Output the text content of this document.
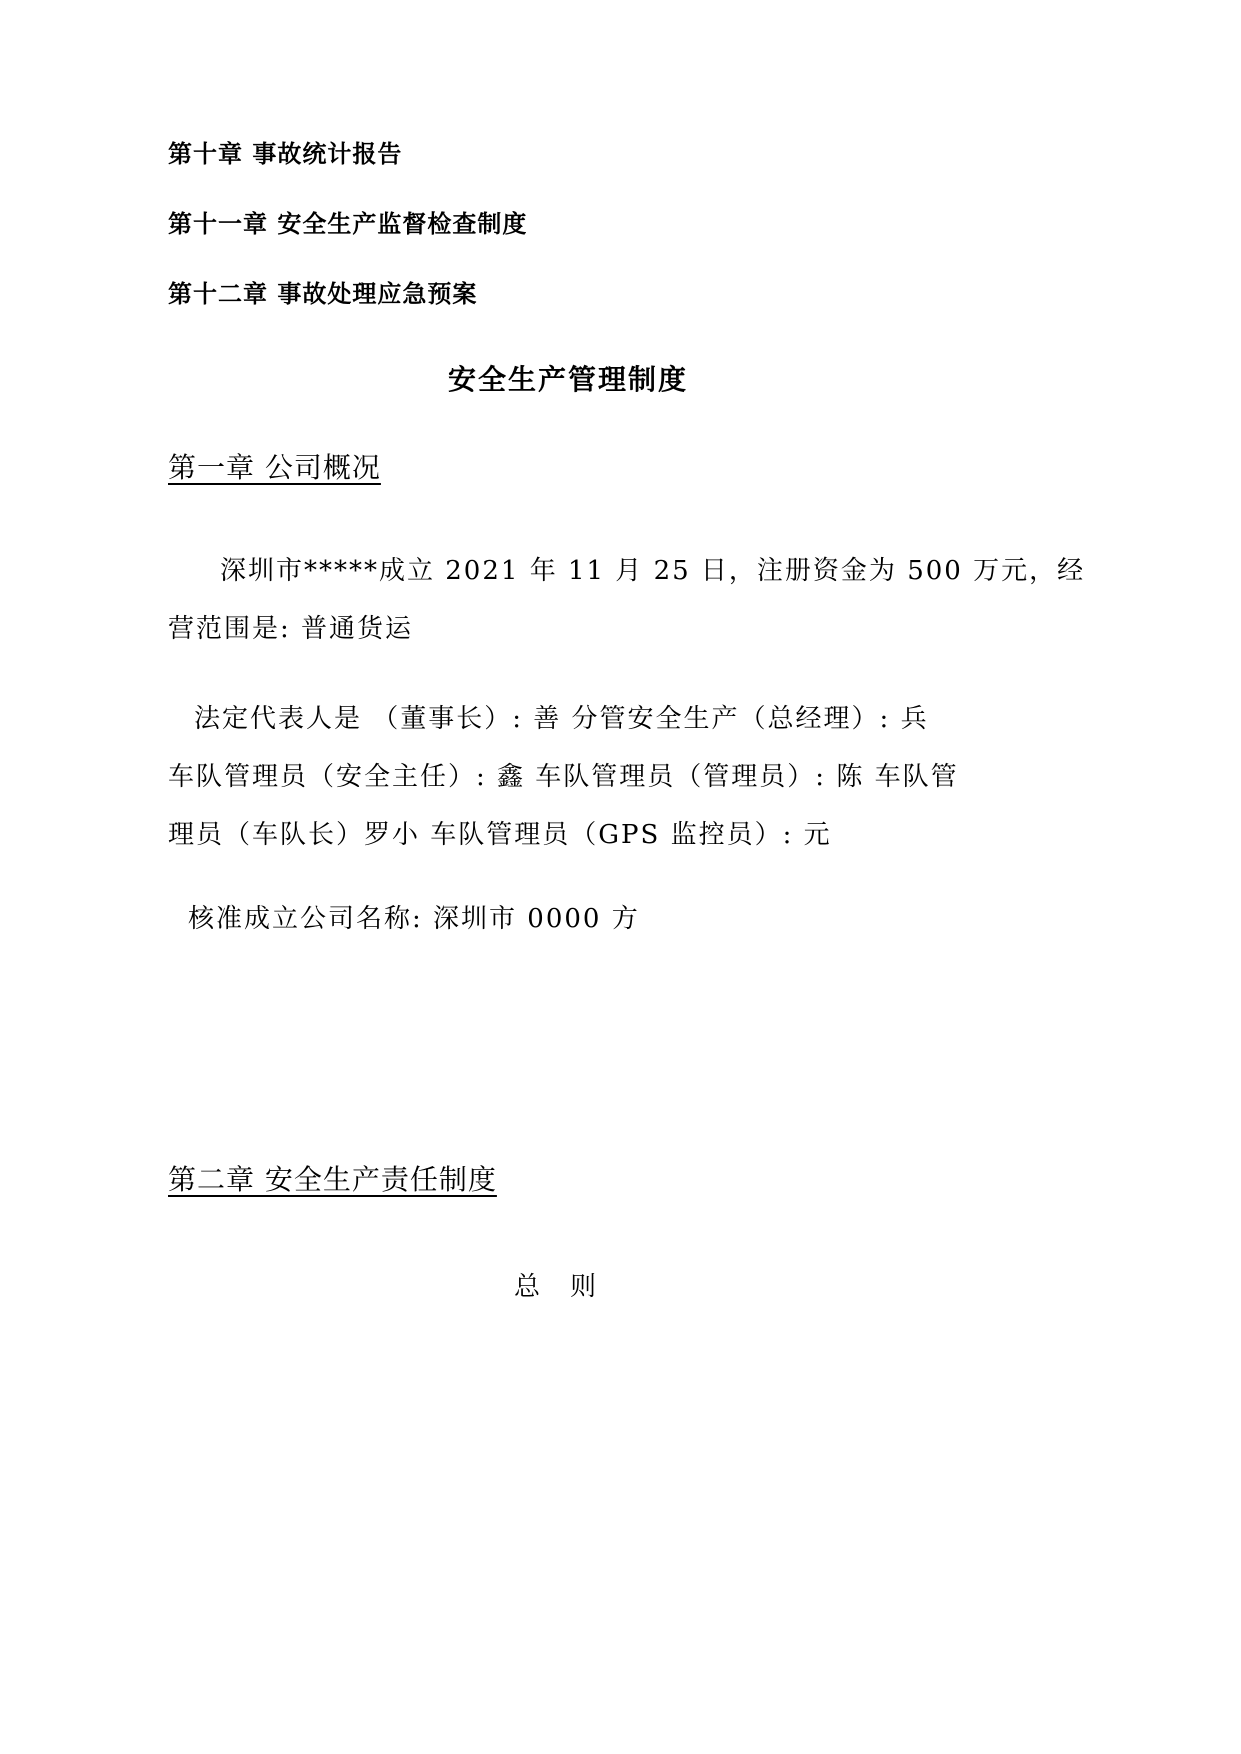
第十章 事故统计报告

第十一章 安全生产监督检查制度

第十二章 事故处理应急预案

安全生产管理制度

第一章 公司概况

深圳市*****成立 2021 年 11 月 25 日，注册资金为 500 万元，经

营范围是: 普通货运

法定代表人是 （董事长）: 善 分管安全生产（总经理）: 兵

车队管理员（安全主任）: 鑫 车队管理员（管理员）: 陈 车队管

理员（车队长）罗小 车队管理员（GPS 监控员）: 元

核准成立公司名称: 深圳市 0000 方

第二章 安全生产责任制度

总则
